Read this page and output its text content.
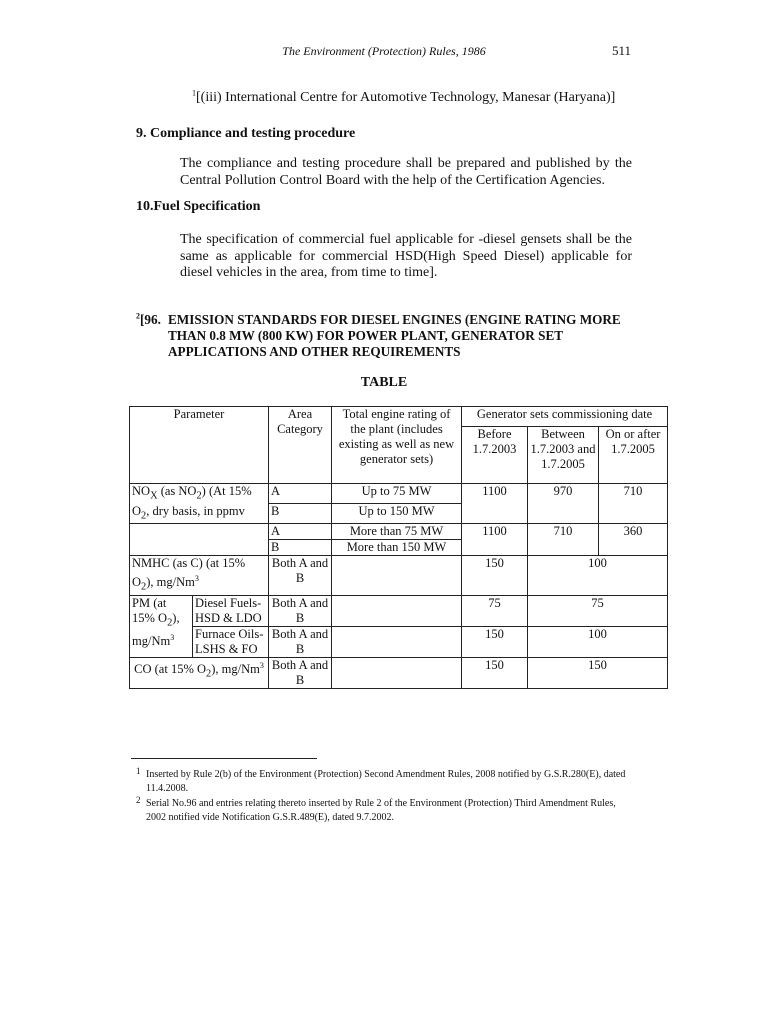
The Environment (Protection) Rules, 1986	511
$^1$[(iii) International Centre for Automotive Technology, Manesar (Haryana)]
9. Compliance and testing procedure
The compliance and testing procedure shall be prepared and published by the Central Pollution Control Board with the help of the Certification Agencies.
10.Fuel Specification
The specification of commercial fuel applicable for -diesel gensets shall be the same as applicable for commercial HSD(High Speed Diesel) applicable for diesel vehicles in the area, from time to time].
$^2$[96. EMISSION STANDARDS FOR DIESEL ENGINES (ENGINE RATING MORE
THAN 0.8 MW (800 KW) FOR POWER PLANT, GENERATOR SET
APPLICATIONS AND OTHER REQUIREMENTS
TABLE
Parameter		Area Category	Total engine rating of the plant (includes existing as well as new generator sets)	Generator sets commissioning date		
				Before 1.7.2003	Between 1.7.2003 and 1.7.2005	On or after 1.7.2005
$NO_X$ (as $NO_2$) (At 15% $O_2$, dry basis, in ppmv		A	Up to 75 MW	1100	970	710
		B	Up to 150 MW			
		A	More than 75 MW	1100	710	360
		B	More than 150 MW			
NMHC (as C) (at 15% $O_2$), mg/Nm$^3$		Both A and B		150	100	
PM (at 15% $O_2$), mg/Nm$^3$	Diesel Fuels- HSD & LDO	Both A and B		75	75	
	Furnace Oils- LSHS & FO	Both A and B		150	100	
CO (at 15% $O_2$), mg/Nm$^3$		Both A and B		150	150	
1 Inserted by Rule 2(b) of the Environment (Protection) Second Amendment Rules, 2008 notified by G.S.R.280(E), dated 11.4.2008.
2 Serial No.96 and entries relating thereto inserted by Rule 2 of the Environment (Protection) Third Amendment Rules, 2002 notified vide Notification G.S.R.489(E), dated 9.7.2002.
